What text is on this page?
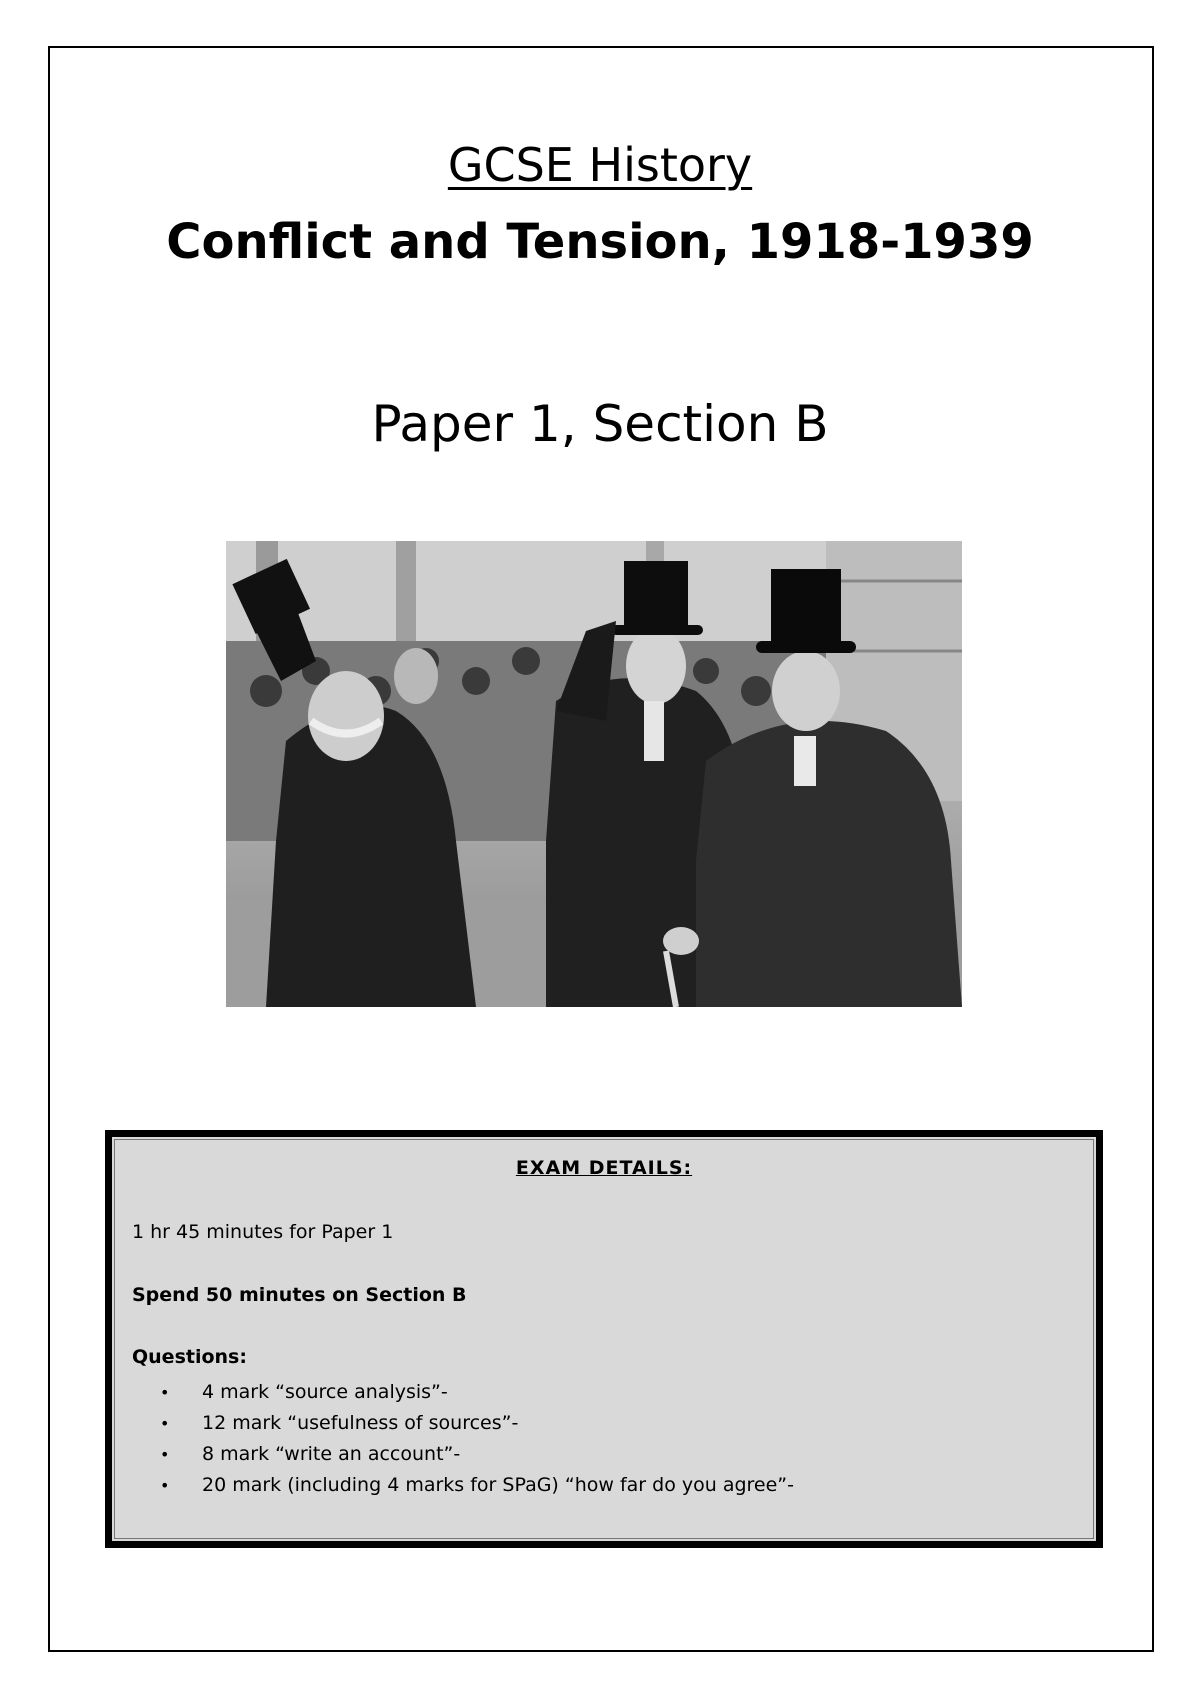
GCSE History
Conflict and Tension, 1918-1939
Paper 1, Section B
EXAM DETAILS:
1 hr 45 minutes for Paper 1
Spend 50 minutes on Section B
Questions:
• 4 mark “source analysis”-
• 12 mark “usefulness of sources”-
• 8 mark “write an account”-
• 20 mark (including 4 marks for SPaG) “how far do you agree”-
